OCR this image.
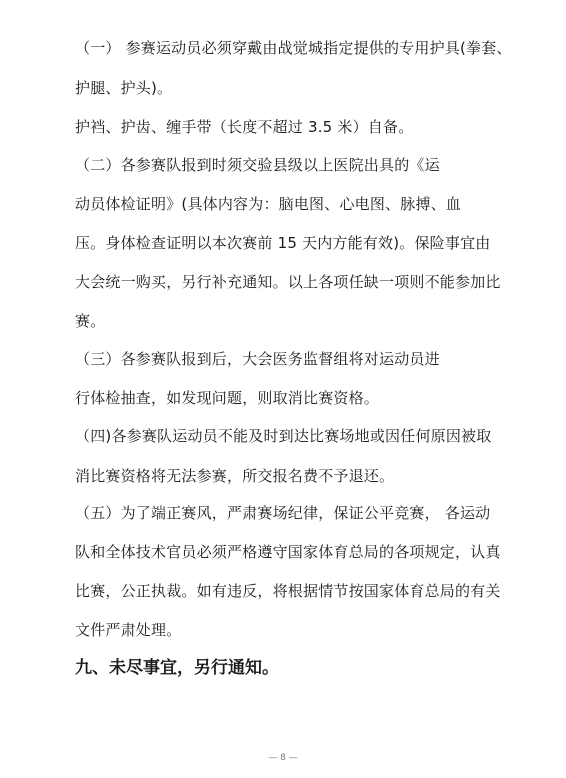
（一） 参赛运动员必须穿戴由战觉城指定提供的专用护具(拳套、
护腿、护头)。
护裆、护齿、缠手带（长度不超过 3.5 米）自备。
（二）各参赛队报到时须交验县级以上医院出具的《运
动员体检证明》(具体内容为：脑电图、心电图、脉搏、血
压。身体检查证明以本次赛前 15 天内方能有效)。保险事宜由
大会统一购买，另行补充通知。以上各项任缺一项则不能参加比
赛。
（三）各参赛队报到后，大会医务监督组将对运动员进
行体检抽查，如发现问题，则取消比赛资格。
（四)各参赛队运动员不能及时到达比赛场地或因任何原因被取
消比赛资格将无法参赛，所交报名费不予退还。
（五）为了端正赛风，严肃赛场纪律，保证公平竞赛， 各运动
队和全体技术官员必须严格遵守国家体育总局的各项规定，认真
比赛，公正执裁。如有违反，将根据情节按国家体育总局的有关
文件严肃处理。
九、未尽事宜，另行通知。
— 8 —
